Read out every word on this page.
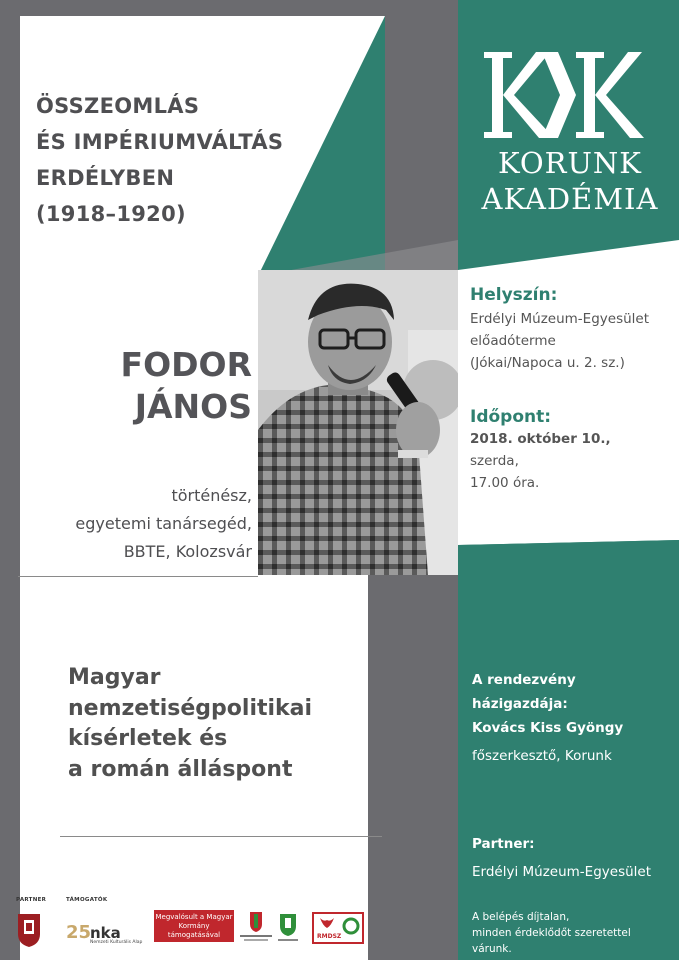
ÖSSZEOMLÁS
ÉS IMPÉRIUMVÁLTÁS
ERDÉLYBEN
(1918–1920)
KORUNK
AKADÉMIA
FODOR
JÁNOS
történész,
egyetemi tanársegéd,
BBTE, Kolozsvár
Helyszín:
Erdélyi Múzeum-Egyesület
előadóterme
(Jókai/Napoca u. 2. sz.)
Időpont:
2018. október 10.,
szerda,
17.00 óra.
Magyar
nemzetiségpolitikai
kísérletek és
a román álláspont
A rendezvény házigazdája:
Kovács Kiss Gyöngy
főszerkesztő, Korunk
Partner:
Erdélyi Múzeum-Egyesület
A belépés díjtalan,
minden érdeklődőt szeretettel várunk.
PARTNER	TÁMOGATÓK
25
nka
Nemzeti Kulturális Alap
Megvalósult a Magyar Kormány támogatásával	RMDSZ
